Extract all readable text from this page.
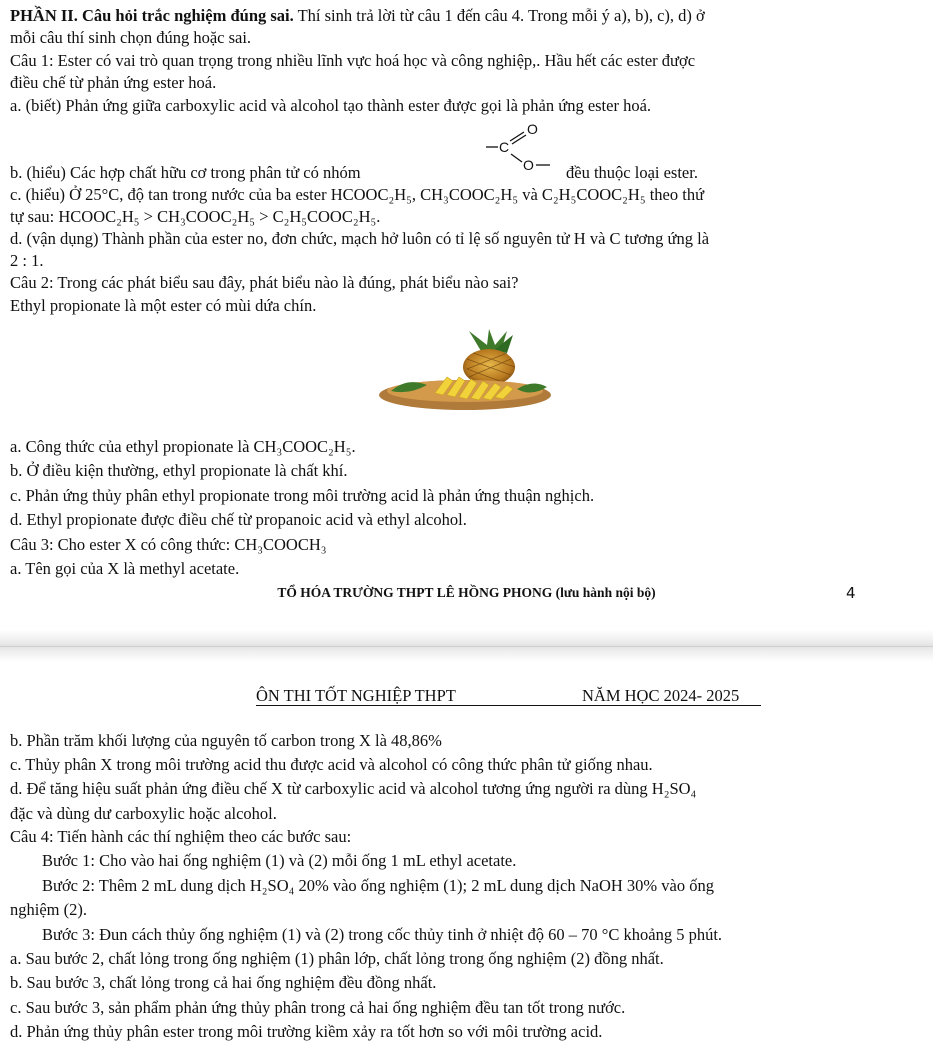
PHẦN II. Câu hỏi trắc nghiệm đúng sai. Thí sinh trả lời từ câu 1 đến câu 4. Trong mỗi ý a), b), c), d) ở
mỗi câu thí sinh chọn đúng hoặc sai.
Câu 1: Ester có vai trò quan trọng trong nhiều lĩnh vực hoá học và công nghiệp,. Hầu hết các ester được
điều chế từ phản ứng ester hoá.
a. (biết) Phản ứng giữa carboxylic acid và alcohol tạo thành ester được gọi là phản ứng ester hoá.
b. (hiểu) Các hợp chất hữu cơ trong phân tử có nhóm
C
O
O đều thuộc loại ester.
c. (hiểu) Ở 25°C, độ tan trong nước của ba ester HCOOC₂H₅, CH₃COOC₂H₅ và C₂H₅COOC₂H₅ theo thứ
tự sau: HCOOC₂H₅ > CH₃COOC₂H₅ > C₂H₅COOC₂H₅.
d. (vận dụng) Thành phần của ester no, đơn chức, mạch hở luôn có tỉ lệ số nguyên tử H và C tương ứng là
2 : 1.
Câu 2: Trong các phát biểu sau đây, phát biểu nào là đúng, phát biểu nào sai?
Ethyl propionate là một ester có mùi dứa chín.
a. Công thức của ethyl propionate là CH₃COOC₂H₅.
b. Ở điều kiện thường, ethyl propionate là chất khí.
c. Phản ứng thủy phân ethyl propionate trong môi trường acid là phản ứng thuận nghịch.
d. Ethyl propionate được điều chế từ propanoic acid và ethyl alcohol.
Câu 3: Cho ester X có công thức: CH₃COOCH₃
a. Tên gọi của X là methyl acetate.
TỔ HÓA TRƯỜNG THPT LÊ HỒNG PHONG (lưu hành nội bộ)	4
ÔN THI TỐT NGHIỆP THPT	NĂM HỌC 2024- 2025
b. Phần trăm khối lượng của nguyên tố carbon trong X là 48,86%
c. Thủy phân X trong môi trường acid thu được acid và alcohol có công thức phân tử giống nhau.
d. Để tăng hiệu suất phản ứng điều chế X từ carboxylic acid và alcohol tương ứng người ra dùng H₂SO₄
đặc và dùng dư carboxylic hoặc alcohol.
Câu 4: Tiến hành các thí nghiệm theo các bước sau:
Bước 1: Cho vào hai ống nghiệm (1) và (2) mỗi ống 1 mL ethyl acetate.
Bước 2: Thêm 2 mL dung dịch H₂SO₄ 20% vào ống nghiệm (1); 2 mL dung dịch NaOH 30% vào ống
nghiệm (2).
Bước 3: Đun cách thủy ống nghiệm (1) và (2) trong cốc thủy tinh ở nhiệt độ 60 – 70 °C khoảng 5 phút.
a. Sau bước 2, chất lỏng trong ống nghiệm (1) phân lớp, chất lỏng trong ống nghiệm (2) đồng nhất.
b. Sau bước 3, chất lỏng trong cả hai ống nghiệm đều đồng nhất.
c. Sau bước 3, sản phẩm phản ứng thủy phân trong cả hai ống nghiệm đều tan tốt trong nước.
d. Phản ứng thủy phân ester trong môi trường kiềm xảy ra tốt hơn so với môi trường acid.
